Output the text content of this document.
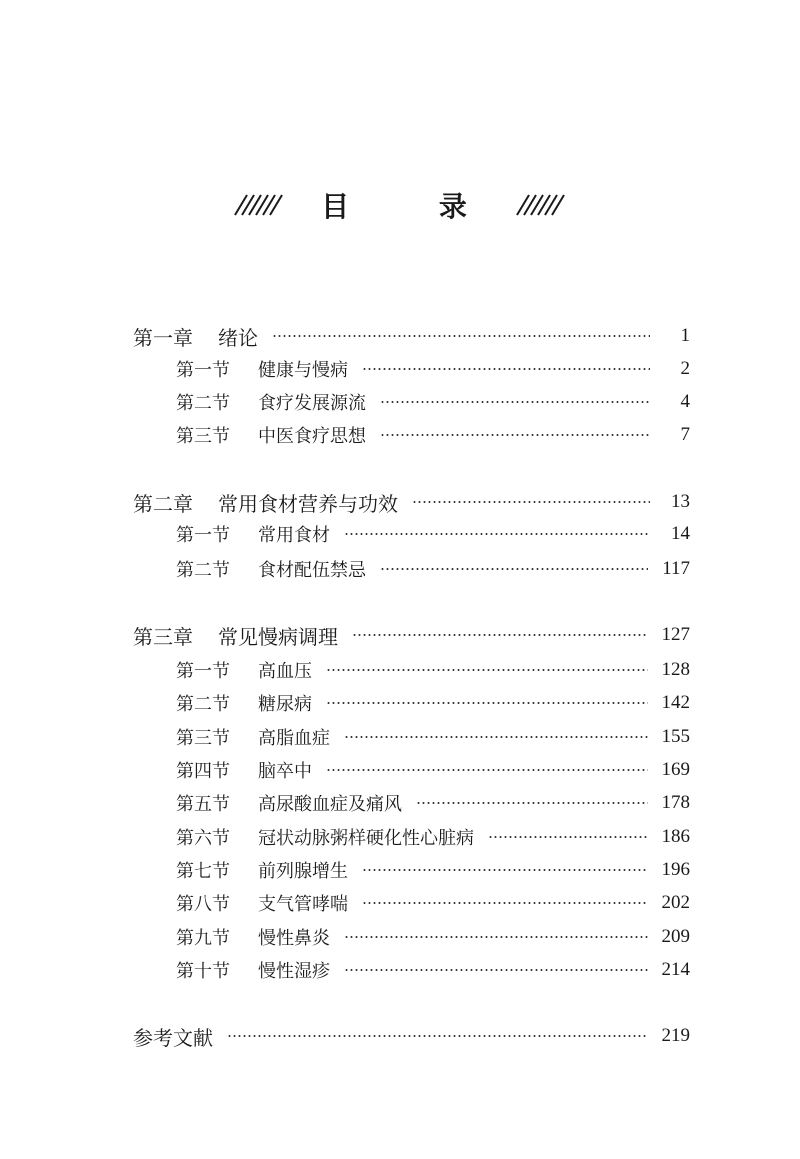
目 录
第一章	绪论	1
第一节	健康与慢病	2
第二节	食疗发展源流	4
第三节	中医食疗思想	7
第二章	常用食材营养与功效	13
第一节	常用食材	14
第二节	食材配伍禁忌	117
第三章	常见慢病调理	127
第一节	高血压	128
第二节	糖尿病	142
第三节	高脂血症	155
第四节	脑卒中	169
第五节	高尿酸血症及痛风	178
第六节	冠状动脉粥样硬化性心脏病	186
第七节	前列腺增生	196
第八节	支气管哮喘	202
第九节	慢性鼻炎	209
第十节	慢性湿疹	214
参考文献	219
